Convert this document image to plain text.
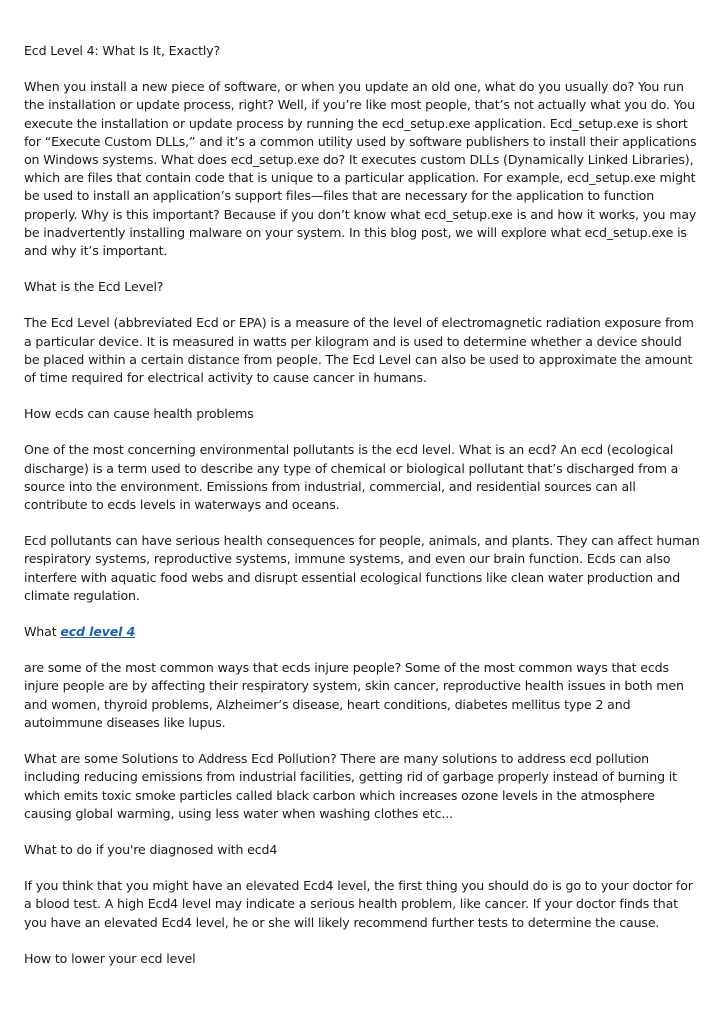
Ecd Level 4: What Is It, Exactly?

When you install a new piece of software, or when you update an old one, what do you usually do? You run the installation or update process, right? Well, if you’re like most people, that’s not actually what you do. You execute the installation or update process by running the ecd_setup.exe application. Ecd_setup.exe is short for “Execute Custom DLLs,” and it’s a common utility used by software publishers to install their applications on Windows systems. What does ecd_setup.exe do? It executes custom DLLs (Dynamically Linked Libraries), which are files that contain code that is unique to a particular application. For example, ecd_setup.exe might be used to install an application’s support files—files that are necessary for the application to function properly. Why is this important? Because if you don’t know what ecd_setup.exe is and how it works, you may be inadvertently installing malware on your system. In this blog post, we will explore what ecd_setup.exe is and why it’s important.

What is the Ecd Level?

The Ecd Level (abbreviated Ecd or EPA) is a measure of the level of electromagnetic radiation exposure from a particular device. It is measured in watts per kilogram and is used to determine whether a device should be placed within a certain distance from people. The Ecd Level can also be used to approximate the amount of time required for electrical activity to cause cancer in humans.

How ecds can cause health problems

One of the most concerning environmental pollutants is the ecd level. What is an ecd? An ecd (ecological discharge) is a term used to describe any type of chemical or biological pollutant that’s discharged from a source into the environment. Emissions from industrial, commercial, and residential sources can all contribute to ecds levels in waterways and oceans.

Ecd pollutants can have serious health consequences for people, animals, and plants. They can affect human respiratory systems, reproductive systems, immune systems, and even our brain function. Ecds can also interfere with aquatic food webs and disrupt essential ecological functions like clean water production and climate regulation.

What ecd level 4

are some of the most common ways that ecds injure people? Some of the most common ways that ecds injure people are by affecting their respiratory system, skin cancer, reproductive health issues in both men and women, thyroid problems, Alzheimer’s disease, heart conditions, diabetes mellitus type 2 and autoimmune diseases like lupus.

What are some Solutions to Address Ecd Pollution? There are many solutions to address ecd pollution including reducing emissions from industrial facilities, getting rid of garbage properly instead of burning it which emits toxic smoke particles called black carbon which increases ozone levels in the atmosphere causing global warming, using less water when washing clothes etc...

What to do if you're diagnosed with ecd4

If you think that you might have an elevated Ecd4 level, the first thing you should do is go to your doctor for a blood test. A high Ecd4 level may indicate a serious health problem, like cancer. If your doctor finds that you have an elevated Ecd4 level, he or she will likely recommend further tests to determine the cause.

How to lower your ecd level
